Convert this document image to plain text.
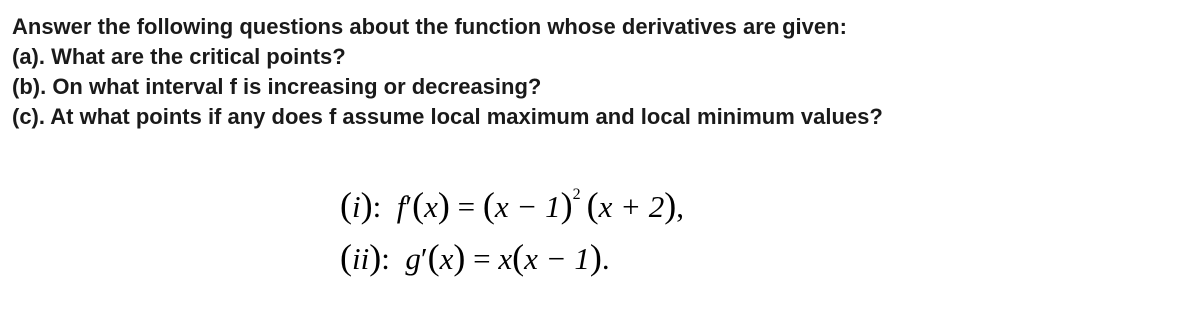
Answer the following questions about the function whose derivatives are given:
(a). What are the critical points?
(b). On what interval f is increasing or decreasing?
(c). At what points if any does f assume local maximum and local minimum values?
(i):  $f'(x) = (x - 1)^2$ (x + 2),
(ii):  g′(x) = x(x − 1).
